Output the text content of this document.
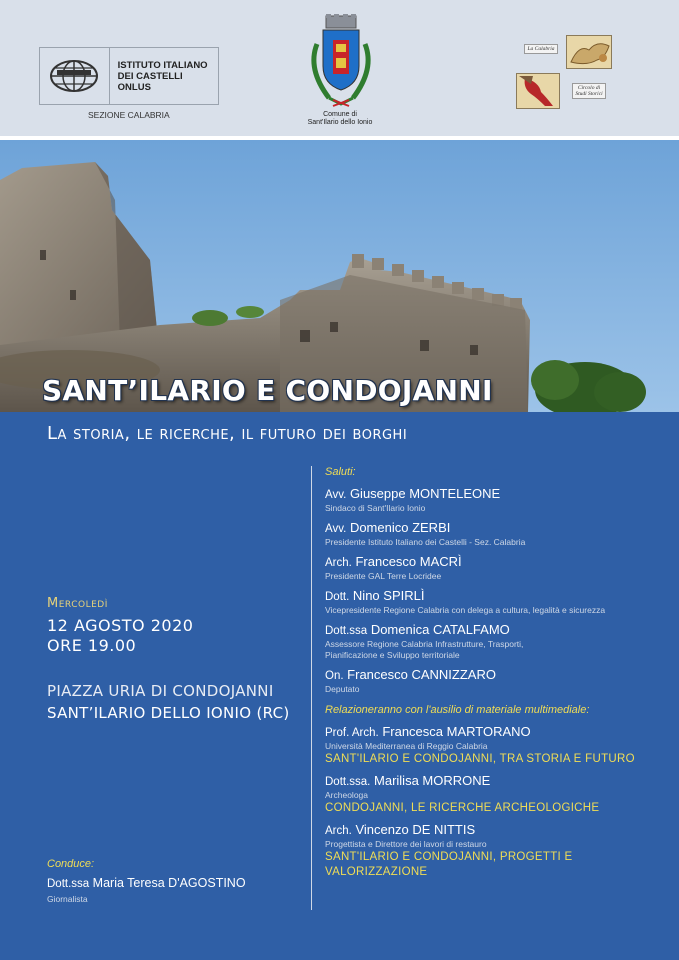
ISTITUTO ITALIANO
DEI CASTELLI ONLUS
SEZIONE CALABRIA	Comune di
Sant'Ilario dello Ionio
La Calabria
Circolo di Studi Storici
SANT’ILARIO E CONDOJANNI
La storia, le ricerche, il futuro dei borghi
Mercoledì
12 AGOSTO 2020
ORE 19.00
PIAZZA URIA DI CONDOJANNI
SANT’ILARIO DELLO IONIO (RC)
Conduce:
Dott.ssa Maria Teresa D'AGOSTINO
Giornalista
Saluti:
Avv. Giuseppe MONTELEONE
Sindaco di Sant'Ilario Ionio
Avv. Domenico ZERBI
Presidente Istituto Italiano dei Castelli - Sez. Calabria
Arch. Francesco MACRÌ
Presidente GAL Terre Locridee
Dott. Nino SPIRLÌ
Vicepresidente Regione Calabria con delega a cultura, legalità e sicurezza
Dott.ssa Domenica CATALFAMO
Assessore Regione Calabria Infrastrutture, Trasporti, Pianificazione e Sviluppo territoriale
On. Francesco CANNIZZARO
Deputato
Relazioneranno con l'ausilio di materiale multimediale:
Prof. Arch. Francesca MARTORANO
Università Mediterranea di Reggio Calabria
SANT'ILARIO E CONDOJANNI, TRA STORIA E FUTURO
Dott.ssa. Marilisa MORRONE
Archeologa
CONDOJANNI, LE RICERCHE ARCHEOLOGICHE
Arch. Vincenzo DE NITTIS
Progettista e Direttore dei lavori di restauro
SANT'ILARIO E CONDOJANNI, PROGETTI E VALORIZZAZIONE
